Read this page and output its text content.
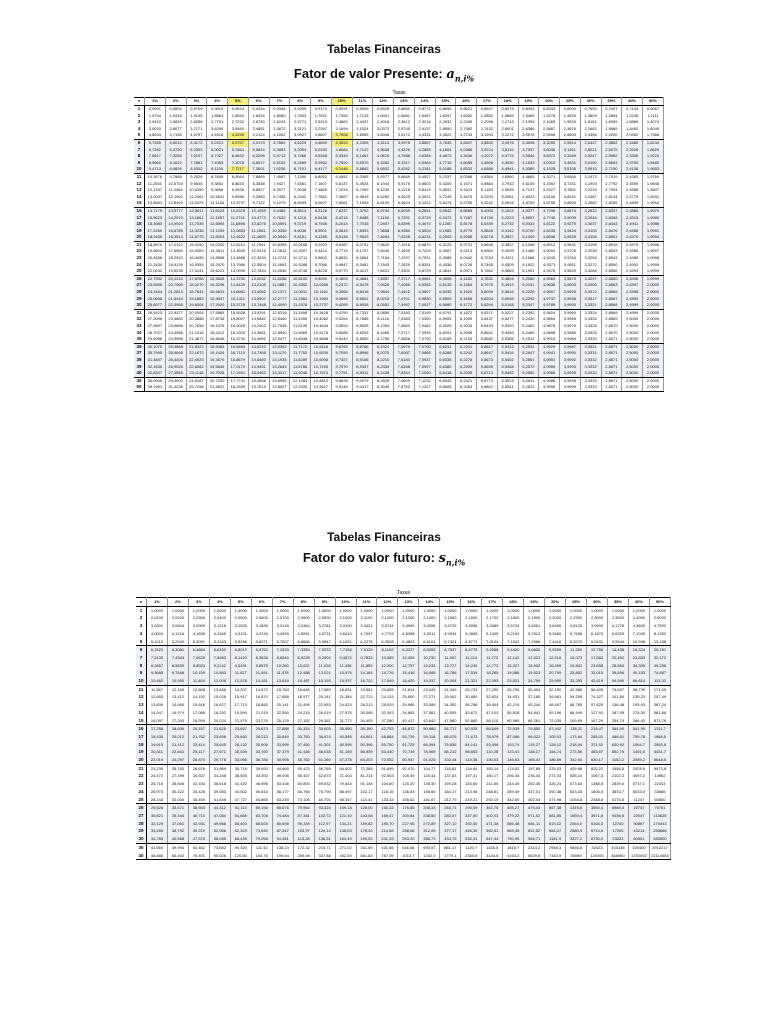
Tabelas Financeiras
Fator de valor Presente: $a_{n,i\%}$
Taxas
n	1%	2%	3%	4%	5%	6%	7%	8%	9%	10%	11%	12%	13%	14%	15%	16%	17%	18%	19%	20%	25%	30%	35%	40%	50%
1	0,9901	0,9804	0,9709	0,9615	0,9524	0,9434	0,9346	0,9259	0,9174	0,9091	0,9009	0,8929	0,8850	0,8772	0,8696	0,8621	0,8547	0,8475	0,8403	0,8333	0,8000	0,7692	0,7407	0,7143	0,6667
2	1,9704	1,9416	1,9135	1,8861	1,8594	1,8334	1,8080	1,7833	1,7591	1,7355	1,7125	1,6901	1,6681	1,6467	1,6257	1,6052	1,5852	1,5656	1,5465	1,5278	1,4400	1,3609	1,2894	1,2245	1,1111
3	2,9410	2,8839	2,8286	2,7751	2,7232	2,6730	2,6243	2,5771	2,5313	2,4869	2,4437	2,4018	2,3612	2,3216	2,2832	2,2459	2,2096	2,1743	2,1399	2,1065	1,9520	1,8161	1,6959	1,5889	1,4074
4	3,9020	3,8077	3,7171	3,6299	3,5460	3,4651	3,3872	3,3121	3,2397	3,1699	3,1024	3,0373	2,9745	2,9137	2,8550	2,7982	2,7432	2,6901	2,6386	2,5887	2,3616	2,1662	1,9969	1,8492	1,6049
5	4,8534	4,7135	4,5797	4,4518	4,3295	4,2124	4,1002	3,9927	3,8897	3,7908	3,6959	3,6048	3,5172	3,4331	3,3522	3,2743	3,1993	3,1272	3,0576	2,9906	2,6893	2,4356	2,2200	2,0352	1,7366
6	5,7955	5,6014	5,4172	5,2421	5,0757	4,9173	4,7665	4,6229	4,4859	4,3553	4,2305	4,1114	3,9975	3,8887	3,7845	3,6847	3,5892	3,4976	3,4098	3,3255	2,9514	2,6427	2,3852	2,1680	1,8244
7	6,7282	6,4720	6,2303	6,0021	5,7864	5,5824	5,3893	5,2064	5,0330	4,8684	4,7122	4,5638	4,4226	4,2883	4,1604	4,0386	3,9224	3,8115	3,7057	3,6046	3,1611	2,8021	2,5075	2,2628	1,8829
8	7,6517	7,3255	7,0197	6,7327	6,4632	6,2098	5,9713	5,7466	5,5348	5,3349	5,1461	4,9676	4,7988	4,6389	4,4873	4,3436	4,2072	4,0776	3,9544	3,8372	3,3289	2,9247	2,5982	2,3306	1,9220
9	8,5660	8,1622	7,7861	7,4353	7,1078	6,8017	6,5152	6,2469	5,9952	5,7590	5,5370	5,3282	5,1317	4,9464	4,7716	4,6065	4,4506	4,3030	4,1633	4,0310	3,4631	3,0190	2,6653	2,3790	1,9480
10	9,4713	8,9826	8,5302	8,1109	7,7217	7,3601	7,0236	6,7101	6,4177	6,1446	5,8892	5,6502	5,4262	5,2161	5,0188	4,8332	4,6586	4,4941	4,3389	4,1925	3,5705	3,0915	2,7150	2,4136	1,9653
11	10,3676	9,7868	9,2526	8,7605	8,3064	7,8869	7,4987	7,1390	6,8052	6,4951	6,2065	5,9377	5,6869	5,4527	5,2337	5,0286	4,8364	4,6560	4,4865	4,3271	3,6564	3,1473	2,7519	2,4383	1,9769
12	11,2551	10,5753	9,9540	9,3851	8,8633	8,3838	7,9427	7,5361	7,1607	6,8137	6,4924	6,1944	5,9176	5,6603	5,4206	5,1971	4,9884	4,7932	4,6105	4,4392	3,7251	3,1903	2,7792	2,4559	1,9846
13	12,1337	11,3484	10,6350	9,9856	9,3936	8,8527	8,3577	7,9038	7,4869	7,1034	6,7499	6,4235	6,1218	5,8424	5,5831	5,3423	5,1183	4,9095	4,7147	4,5327	3,7801	3,2233	2,7994	2,4685	1,9897
14	13,0037	12,1062	11,2961	10,5631	9,8986	9,2950	8,7455	8,2442	7,7862	7,3667	6,9819	6,6282	6,3025	6,0021	5,7245	5,4675	5,2293	5,0081	4,8023	4,6106	3,8241	3,2487	2,8144	2,4775	1,9931
15	13,8651	12,8493	11,9379	11,1184	10,3797	9,7122	9,1079	8,5595	8,0607	7,6061	7,1909	6,8109	6,4624	6,1422	5,8474	5,5755	5,3242	5,0916	4,8759	4,6755	3,8593	3,2682	2,8255	2,4839	1,9954
16	14,7179	13,5777	12,5611	11,6523	10,8378	10,1059	9,4466	8,8514	8,3126	7,8237	7,3792	6,9740	6,6039	6,2651	5,9542	5,6685	5,4053	5,1624	4,9377	4,7296	3,8874	3,2832	2,8337	2,4885	1,9970
17	15,5623	14,2919	13,1661	12,1657	11,2741	10,4773	9,7632	9,1216	8,5436	8,0216	7,5488	7,1196	6,7291	6,3729	6,0472	5,7487	5,4746	5,2223	4,9897	4,7746	3,9099	3,2948	2,8398	2,4918	1,9980
18	16,3983	14,9920	13,7535	12,6593	11,6896	10,8276	10,0591	9,3719	8,7556	8,2014	7,7016	7,2497	6,8399	6,4674	6,1280	5,8178	5,5339	5,2732	5,0333	4,8122	3,9279	3,3037	2,8443	2,4941	1,9986
19	17,2260	15,6785	14,3238	13,1339	12,0853	11,1581	10,3356	9,6036	8,9501	8,3649	7,8393	7,3658	6,9380	6,5504	6,1982	5,8775	5,5845	5,3162	5,0700	4,8435	3,9424	3,3105	2,8476	2,4958	1,9991
20	18,0456	16,3514	14,8775	13,5903	12,4622	11,4699	10,5940	9,8181	9,1285	8,5136	7,9633	7,4694	7,0248	6,6231	6,2593	5,9288	5,6278	5,3527	5,1009	4,8696	3,9539	3,3158	2,8501	2,4970	1,9994
21	18,8570	17,0112	15,4150	14,0292	12,8212	11,7641	10,8355	10,0168	9,2922	8,6487	8,0751	7,5620	7,1016	6,6870	6,3125	5,9731	5,6648	5,3837	5,1268	4,8913	3,9631	3,3198	2,8519	2,4979	1,9996
22	19,6604	17,6580	15,9369	14,4511	13,1630	12,0416	11,0612	10,2007	9,4424	8,7715	8,1757	7,6446	7,1695	6,7429	6,3587	6,0113	5,6964	5,4099	5,1486	4,9094	3,9705	3,3230	2,8533	2,4985	1,9997
23	20,4558	18,2922	16,4436	14,8568	13,4886	12,3034	11,2722	10,3711	9,5802	8,8832	8,2664	7,7184	7,2297	6,7921	6,3988	6,0442	5,7234	5,4321	5,1668	4,9245	3,9764	3,3254	2,8543	2,4989	1,9998
24	21,2434	18,9139	16,9355	15,2470	13,7986	12,5504	11,4693	10,5288	9,7066	8,9847	8,3481	7,7843	7,2829	6,8351	6,4338	6,0726	5,7465	5,4509	5,1822	4,9371	3,9811	3,3272	2,8550	2,4992	1,9999
25	22,0232	19,5235	17,4131	15,6221	14,0939	12,7834	11,6536	10,6748	9,8226	9,0770	8,4217	7,8431	7,3300	6,8729	6,4641	6,0971	5,7662	5,4669	5,1951	4,9476	3,9849	3,3286	2,8556	2,4994	1,9999
26	22,7952	20,1210	17,8768	15,9828	14,3752	13,0032	11,8258	10,8100	9,9290	9,1609	8,4881	7,8957	7,3717	6,9061	6,4906	6,1182	5,7831	5,4804	5,2060	4,9563	3,9879	3,3297	2,8560	2,4996	1,9999
27	23,5596	20,7069	18,3270	16,3296	14,6430	13,2105	11,9867	10,9352	10,0266	9,2372	8,5478	7,9426	7,4086	6,9352	6,5135	6,1364	5,7975	5,4919	5,2151	4,9636	3,9903	3,3305	2,8563	2,4997	2,0000
28	24,3164	21,2813	18,7641	16,6631	14,8981	13,4062	12,1371	11,0511	10,1161	9,3066	8,6016	7,9844	7,4412	6,9607	6,5335	6,1520	5,8099	5,5016	5,2228	4,9697	3,9923	3,3312	2,8565	2,4998	2,0000
29	25,0658	21,8444	19,1885	16,9837	15,1411	13,5907	12,2777	11,1584	10,1983	9,3696	8,6501	8,0218	7,4701	6,9830	6,5509	6,1656	5,8204	5,5098	5,2292	4,9747	3,9938	3,3317	2,8567	2,4999	2,0000
30	25,8077	22,3965	19,6004	17,2920	15,3725	13,7648	12,4090	11,2578	10,2737	9,4269	8,6938	8,0552	7,4957	7,0027	6,5660	6,1772	5,8294	5,5168	5,2347	4,9789	3,9950	3,3321	2,8568	2,4999	2,0000
31	26,5423	22,9377	20,0004	17,5885	15,5928	13,9291	12,5318	11,3498	10,3428	9,4790	8,7331	8,0850	7,5183	7,0199	6,5791	6,1872	5,8371	5,5227	5,2392	4,9824	3,9960	3,3324	2,8569	2,4999	2,0000
32	27,2696	23,4683	20,3888	17,8736	15,8027	14,0840	12,6466	11,4350	10,4062	9,5264	8,7686	8,1116	7,5383	7,0350	6,5905	6,1959	5,8437	5,5277	5,2430	4,9854	3,9968	3,3326	2,8569	2,5000	2,0000
33	27,9897	23,9886	20,7658	18,1476	16,0025	14,2302	12,7538	11,5139	10,4644	9,5694	8,8005	8,1354	7,5560	7,0482	6,6005	6,2034	5,8493	5,5320	5,2462	4,9878	3,9975	3,3328	2,8570	2,5000	2,0000
34	28,7027	24,4986	21,1318	18,4112	16,1929	14,3681	12,8540	11,5869	10,5178	9,6086	8,8293	8,1566	7,5717	7,0599	6,6091	6,2098	5,8541	5,5356	5,2489	4,9898	3,9980	3,3329	2,8570	2,5000	2,0000
35	29,4086	24,9986	21,4872	18,6646	16,3742	14,4982	12,9477	11,6546	10,5668	9,6442	8,8552	8,1755	7,5856	7,0700	6,6166	6,2153	5,8582	5,5386	5,2512	4,9915	3,9984	3,3330	2,8571	2,5000	2,0000
36	30,1075	25,4888	21,8323	18,9083	16,5469	14,6210	13,0352	11,7172	10,6118	9,6765	8,8786	8,1924	7,5979	7,0790	6,6231	6,2201	5,8617	5,5412	5,2531	4,9929	3,9987	3,3331	2,8571	2,5000	2,0000
37	30,7995	25,9695	22,1672	19,1426	16,7113	14,7368	13,1170	11,7752	10,6530	9,7059	8,8996	8,2075	7,6087	7,0868	6,6288	6,2242	5,8647	5,5434	5,2547	4,9941	3,9990	3,3331	2,8571	2,5000	2,0000
38	31,4847	26,4406	22,4925	19,3679	16,8679	14,8460	13,1935	11,8289	10,6908	9,7327	8,9186	8,2210	7,6183	7,0937	6,6338	6,2278	5,8673	5,5452	5,2561	4,9951	3,9992	3,3332	2,8571	2,5000	2,0000
39	32,1630	26,9026	22,8082	19,5845	17,0170	14,9491	13,2649	11,8786	10,7255	9,7570	8,9357	8,2330	7,6268	7,0997	6,6380	6,2309	5,8695	5,5468	5,2572	4,9959	3,9993	3,3332	2,8571	2,5000	2,0000
40	32,8347	27,3555	23,1148	19,7928	17,1591	15,0463	13,3317	11,9246	10,7574	9,7791	8,9511	8,2438	7,6344	7,1050	6,6418	6,2335	5,8713	5,5482	5,2582	4,9966	3,9995	3,3332	2,8571	2,5000	2,0000
45	36,0945	29,4902	24,5187	20,7200	17,7741	15,4558	13,6055	12,1084	10,8812	9,8628	9,0079	8,2825	7,6609	7,1232	6,6543	6,2421	5,8773	5,5523	5,2611	4,9986	3,9998	3,3333	2,8571	2,5000	2,0000
50	39,1961	31,4236	25,7298	21,4822	18,2559	15,7619	13,8007	12,2335	10,9617	9,9148	9,0417	8,3045	7,6752	7,1327	6,6605	6,2463	5,8801	5,5541	5,2623	4,9995	3,9999	3,3333	2,8571	2,5000	2,0000
Tabelas Financeiras
Fator do valor futuro: $s_{n,i\%}$
Taxas
n	1%	2%	3%	4%	5%	6%	7%	8%	9%	10%	11%	12%	13%	14%	15%	16%	17%	18%	19%	20%	25%	30%	35%	40%	50%
1	1,0000	1,0000	1,0000	1,0000	1,0000	1,0000	1,0000	1,0000	1,0000	1,0000	1,0000	1,0000	1,0000	1,0000	1,0000	1,0000	1,0000	1,0000	1,0000	1,0000	1,0000	1,0000	1,0000	1,0000	1,0000
2	2,0100	2,0200	2,0300	2,0400	2,0500	2,0600	2,0700	2,0800	2,0900	2,1000	2,1100	2,1200	2,1300	2,1400	2,1500	2,1600	2,1700	2,1800	2,1900	2,2000	2,2500	2,3000	2,3500	2,4000	2,5000
3	3,0301	3,0604	3,0909	3,1216	3,1525	3,1836	3,2149	3,2464	3,2781	3,3100	3,3421	3,3744	3,4069	3,4396	3,4725	3,5056	3,5389	3,5724	3,6061	3,6400	3,8125	3,9900	4,1725	4,3600	4,7500
4	4,0604	4,1216	4,1836	4,2465	4,3101	4,3746	4,4399	4,5061	4,5731	4,6410	4,7097	4,7793	4,8498	4,9211	4,9934	5,0665	5,1405	5,2154	5,2913	5,3680	5,7656	6,1870	6,6329	7,1040	8,1250
5	5,1010	5,2040	5,3091	5,4163	5,5256	5,6371	5,7507	5,8666	5,9847	6,1051	6,2278	6,3528	6,4803	6,6101	6,7424	6,8771	7,0144	7,1542	7,2966	7,4416	8,2070	9,0431	9,9544	10,946	13,188
6	6,1520	6,3081	6,4684	6,6330	6,8019	6,9753	7,1533	7,3359	7,5233	7,7156	7,9129	8,1152	8,3227	8,5355	8,7537	8,9775	9,2068	9,4420	9,6830	9,9299	11,259	12,756	14,438	16,324	20,781
7	7,2135	7,4343	7,6625	7,8983	8,1420	8,3938	8,6540	8,9228	9,2004	9,4872	9,7833	10,089	10,405	10,730	11,067	11,414	11,772	12,142	12,523	12,916	15,073	17,583	20,492	23,853	32,172
8	8,2857	8,5830	8,8923	9,2142	9,5491	9,8975	10,260	10,637	11,028	11,436	11,859	12,300	12,757	13,233	13,727	14,240	14,773	15,327	15,902	16,499	19,842	23,858	28,664	34,395	49,258
9	9,3685	9,7546	10,159	10,583	11,027	11,491	11,978	12,488	13,021	13,579	14,164	14,776	15,416	16,085	16,786	17,519	18,285	19,086	19,923	20,799	25,802	32,015	39,696	49,153	74,887
10	10,462	10,950	11,464	12,006	12,578	13,181	13,816	14,487	15,193	15,937	16,722	17,549	18,420	19,337	20,304	21,321	22,393	23,521	24,709	25,959	33,253	42,619	54,590	69,814	113,33
11	11,567	12,169	12,808	13,486	14,207	14,972	15,784	16,645	17,560	18,531	19,561	20,655	21,814	23,045	24,349	25,733	27,200	28,755	30,404	32,150	42,566	56,405	74,697	98,739	171,00
12	12,683	13,412	14,192	15,026	15,917	16,870	17,888	18,977	20,141	21,384	22,713	24,133	25,650	27,271	29,002	30,850	32,824	34,931	37,180	39,581	54,208	74,327	101,84	139,23	257,49
13	13,809	14,680	15,618	16,627	17,713	18,882	20,141	21,495	22,953	24,523	26,212	28,029	29,985	32,089	34,352	36,786	39,404	42,219	45,244	48,497	68,760	97,625	138,48	195,93	387,24
14	14,947	15,974	17,086	18,292	19,599	21,015	22,550	24,215	26,019	27,975	30,095	32,393	34,883	37,581	40,505	43,672	47,103	50,818	54,841	59,196	86,949	127,91	187,95	275,30	581,86
15	16,097	17,293	18,599	20,024	21,579	23,276	25,129	27,152	29,361	31,772	34,405	37,280	40,417	43,842	47,580	51,660	56,110	60,965	66,261	72,035	109,69	167,29	254,74	386,42	873,79
16	17,258	18,639	20,157	21,825	23,657	25,673	27,888	30,324	33,003	35,950	39,190	42,753	46,672	50,980	55,717	60,925	66,649	72,939	79,850	87,442	138,11	218,47	344,90	541,99	1311,7
17	18,430	20,012	21,762	23,698	25,840	28,213	30,840	33,750	36,974	40,545	44,501	48,884	53,739	59,118	65,075	71,673	78,979	87,068	96,022	105,93	173,64	285,01	466,61	759,78	1968,5
18	19,615	21,412	23,414	25,645	28,132	30,906	33,999	37,450	41,301	45,599	50,396	55,750	61,725	68,394	75,836	84,141	93,406	103,74	115,27	128,12	218,04	371,52	630,92	1064,7	2953,8
19	20,811	22,841	25,117	27,671	30,539	33,760	37,379	41,446	46,018	51,159	56,939	63,440	70,749	78,969	88,212	98,603	110,28	123,41	138,17	154,74	273,56	483,97	852,75	1491,6	4431,7
20	22,019	24,297	26,870	29,778	33,066	36,786	40,995	45,762	51,160	57,275	64,203	72,052	80,947	91,025	102,44	115,38	130,03	146,63	165,42	186,69	342,94	630,17	1152,2	2089,2	6648,5
21	23,239	25,783	28,676	31,969	35,719	39,993	44,865	50,423	56,765	64,002	72,265	81,699	92,470	104,77	118,81	134,84	153,14	174,02	197,85	225,03	429,68	820,22	1556,5	2925,9	9973,8
22	24,472	27,299	30,537	34,248	38,505	43,392	49,006	55,457	62,873	71,403	81,214	92,503	105,49	120,44	137,63	157,41	180,17	206,34	236,44	271,03	538,10	1067,3	2102,3	4097,2	14962
23	25,716	28,845	32,453	36,618	41,430	46,996	53,436	60,893	69,532	79,543	91,148	104,60	120,20	138,30	159,28	183,60	211,80	244,49	282,36	326,24	673,63	1388,5	2839,0	5737,1	22443
24	26,973	30,422	34,426	39,083	44,502	50,816	58,177	66,765	76,790	88,497	102,17	118,16	136,83	158,66	184,17	213,98	248,81	289,49	337,01	392,48	843,03	1806,0	3833,7	8033,0	33666
25	28,243	32,030	36,459	41,646	47,727	54,865	63,249	73,106	84,701	98,347	114,41	133,33	155,62	181,87	212,79	249,21	292,10	342,60	402,04	471,98	1054,8	2348,8	5176,5	11247	50500
26	29,526	33,671	38,553	44,312	51,113	59,156	68,676	79,954	93,324	109,18	128,00	150,33	176,85	208,33	245,71	290,09	342,76	405,27	479,43	567,38	1319,5	3054,4	6989,3	15747	75751
27	30,821	35,344	40,710	47,084	54,669	63,706	74,484	87,351	102,72	121,10	143,08	169,37	200,84	238,50	283,57	337,50	402,03	479,22	571,52	681,85	1650,4	3971,8	9436,5	22047	113628
28	32,129	37,051	42,931	49,968	58,403	68,528	80,698	95,339	112,97	134,21	159,82	190,70	227,95	272,89	327,10	392,50	471,38	566,48	681,11	819,22	2064,0	5164,3	12740	30867	170443
29	33,450	38,792	45,219	52,966	62,323	73,640	87,347	103,97	124,14	148,63	178,40	214,58	258,58	312,09	377,17	456,30	552,51	669,45	811,52	984,07	2580,9	6714,6	17200	43214	255666
30	34,785	40,568	47,575	56,085	66,439	79,058	94,461	113,28	136,31	164,49	199,02	241,33	293,20	356,79	434,75	530,31	647,44	790,95	966,71	1181,9	3227,2	8730,0	23222	60501	383500
35	41,660	49,994	60,462	73,652	90,320	111,43	138,24	172,32	215,71	271,02	341,59	431,66	546,68	693,57	881,17	1120,7	1426,5	1816,7	2314,2	2948,3	9856,8	32423	104136	325400	2912217
40	48,886	60,402	75,401	95,026	120,80	154,76	199,64	259,06	337,88	442,59	581,83	767,09	1013,7	1342,0	1779,1	2360,8	3134,5	4163,2	5529,8	7343,9	30089	120393	466960	1750092	22114663
